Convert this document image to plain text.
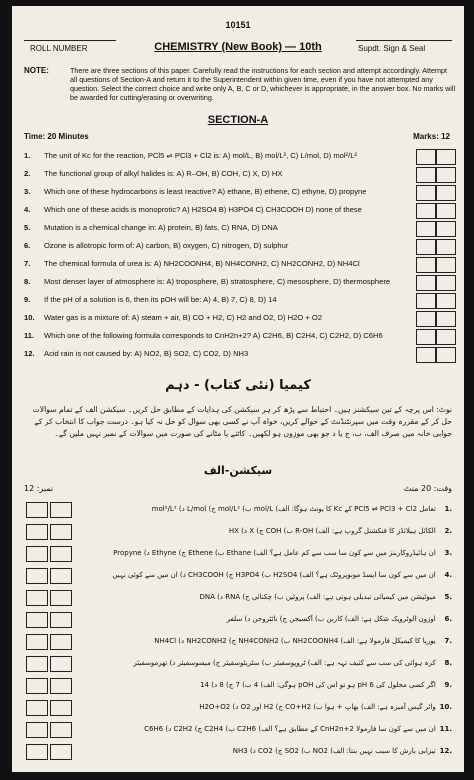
10151
ROLL NUMBER	CHEMISTRY (New Book) — 10th	Supdt. Sign & Seal
NOTE:	There are three sections of this paper. Carefully read the instructions for each section and attempt accordingly. Attempt all questions of Section-A and return it to the Superintendent within given time, even if you have not attempted any question. Select the correct choice and write only A, B, C or D, whichever is appropriate, in the answer box. No marks will be awarded for cutting/erasing or overwriting.
SECTION-A
Time: 20 Minutes	Marks: 12
1. The unit of Kc for the reaction, PCl5 ⇌ PCl3 + Cl2 is: A) mol/L, B) mol/L², C) L/mol, D) mol²/L²
2. The functional group of alkyl halides is: A) R–OH, B) COH, C) X, D) HX
3. Which one of these hydrocarbons is least reactive? A) ethane, B) ethene, C) ethyne, D) propyne
4. Which one of these acids is monoprotic? A) H2SO4 B) H3PO4 C) CH3COOH D) none of these
5. Mutation is a chemical change in: A) protein, B) fats, C) RNA, D) DNA
6. Ozone is allotropic form of: A) carbon, B) oxygen, C) nitrogen, D) sulphur
7. The chemical formula of urea is: A) NH2COONH4, B) NH4CONH2, C) NH2CONH2, D) NH4Cl
8. Most denser layer of atmosphere is: A) troposphere, B) stratosphere, C) mesosphere, D) thermosphere
9. If the pH of a solution is 6, then its pOH will be: A) 4, B) 7, C) 8, D) 14
10. Water gas is a mixture of: A) steam + air, B) CO + H2, C) H2 and O2, D) H2O + O2
11. Which one of the following formula corresponds to CnH2n+2? A) C2H6, B) C2H4, C) C2H2, D) C6H6
12. Acid rain is not caused by: A) NO2, B) SO2, C) CO2, D) NH3
کیمیا (نئی کتاب) - دہم
نوٹ: اس پرچہ کے تین سیکشنز ہیں۔ احتیاط سے پڑھ کر ہر سیکشن کی ہدایات کے مطابق حل کریں۔ سیکشن الف کے تمام سوالات حل کر کے مقررہ وقت میں سپرنٹنڈنٹ کے حوالے کریں، خواہ آپ نے کسی بھی سوال کو حل نہ کیا ہو۔ درست جواب کا انتخاب کر کے جوابی خانہ میں صرف الف، ب، ج یا د جو بھی موزوں ہو لکھیں۔ کاٹنے یا مٹانے کی صورت میں سوالات کے نمبر نہیں ملیں گے۔
سیکشن-الف
وقت: 20 منٹ
نمبر: 12
.1 تعامل PCl5 ⇌ PCl3 + Cl2 کے Kc کا یونٹ ہوگا: الف) mol/L ب) mol/L² ج) L/mol د) mol²/L²
.2 الکائل ہیلائڈز کا فنکشنل گروپ ہے: الف) R-OH ب) COH ج) X د) HX
.3 ان ہائیڈروکاربنز میں سے کون سا سب سے کم عامل ہے؟ الف) Ethane ب) Ethene ج) Ethyne د) Propyne
.4 ان میں سے کون سا ایسڈ مونوپروٹک ہے؟ الف) H2SO4 ب) H3PO4 ج) CH3COOH د) ان میں سے کوئی نہیں
.5 میوٹیشن میں کیمیائی تبدیلی ہوتی ہے: الف) پروٹین ب) چکنائی ج) RNA د) DNA
.6 اوزون الوٹروپک شکل ہے: الف) کاربن ب) آکسیجن ج) نائٹروجن د) سلفر
.7 یوریا کا کیمیکل فارمولا ہے: الف) NH2COONH4 ب) NH4CONH2 ج) NH2CONH2 د) NH4Cl
.8 کرہ ہوائی کی سب سے کثیف تہہ ہے: الف) ٹروپوسفیئر ب) سٹریٹوسفیئر ج) میسوسفیئر د) تھرموسفیئر
.9 اگر کسی محلول کی pH 6 ہو تو اس کی pOH ہوگی: الف) 4 ب) 7 ج) 8 د) 14
.10 واٹر گیس آمیزہ ہے: الف) بھاپ + ہوا ب) CO+H2 ج) H2 اور O2 د) H2O+O2
.11 ان میں سے کون سا فارمولا CnH2n+2 کے مطابق ہے؟ الف) C2H6 ب) C2H4 ج) C2H2 د) C6H6
.12 تیزابی بارش کا سبب نہیں بنتا: الف) NO2 ب) SO2 ج) CO2 د) NH3
